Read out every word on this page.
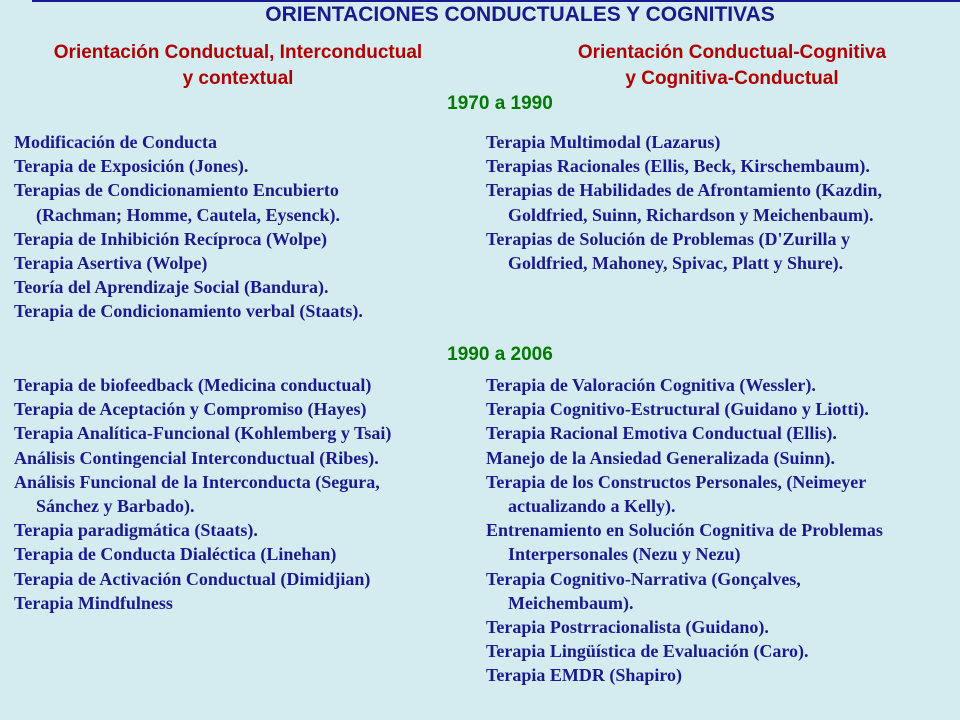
ORIENTACIONES CONDUCTUALES Y COGNITIVAS
Orientación Conductual, Interconductual
y contextual
Orientación Conductual-Cognitiva
y Cognitiva-Conductual
1970 a 1990
Modificación de Conducta
Terapia de Exposición (Jones).
Terapias de Condicionamiento Encubierto
(Rachman; Homme, Cautela, Eysenck).
Terapia de Inhibición Recíproca (Wolpe)
Terapia Asertiva (Wolpe)
Teoría del Aprendizaje Social (Bandura).
Terapia de Condicionamiento verbal (Staats).
Terapia Multimodal (Lazarus)
Terapias Racionales (Ellis, Beck, Kirschembaum).
Terapias de Habilidades de Afrontamiento (Kazdin,
Goldfried, Suinn, Richardson y Meichenbaum).
Terapias de Solución de Problemas (D'Zurilla y
Goldfried, Mahoney, Spivac, Platt y Shure).
1990 a 2006
Terapia de biofeedback (Medicina conductual)
Terapia de Aceptación y Compromiso (Hayes)
Terapia Analítica-Funcional (Kohlemberg y Tsai)
Análisis Contingencial Interconductual (Ribes).
Análisis Funcional de la Interconducta (Segura,
Sánchez y Barbado).
Terapia paradigmática (Staats).
Terapia de Conducta Dialéctica (Linehan)
Terapia de Activación Conductual (Dimidjian)
Terapia Mindfulness
Terapia de Valoración Cognitiva (Wessler).
Terapia Cognitivo-Estructural (Guidano y Liotti).
Terapia Racional Emotiva Conductual (Ellis).
Manejo de la Ansiedad Generalizada (Suinn).
Terapia de los Constructos Personales, (Neimeyer
actualizando a Kelly).
Entrenamiento en Solución Cognitiva de Problemas
Interpersonales (Nezu y Nezu)
Terapia Cognitivo-Narrativa (Gonçalves,
Meichembaum).
Terapia Postrracionalista (Guidano).
Terapia Lingüística de Evaluación (Caro).
Terapia EMDR (Shapiro)
